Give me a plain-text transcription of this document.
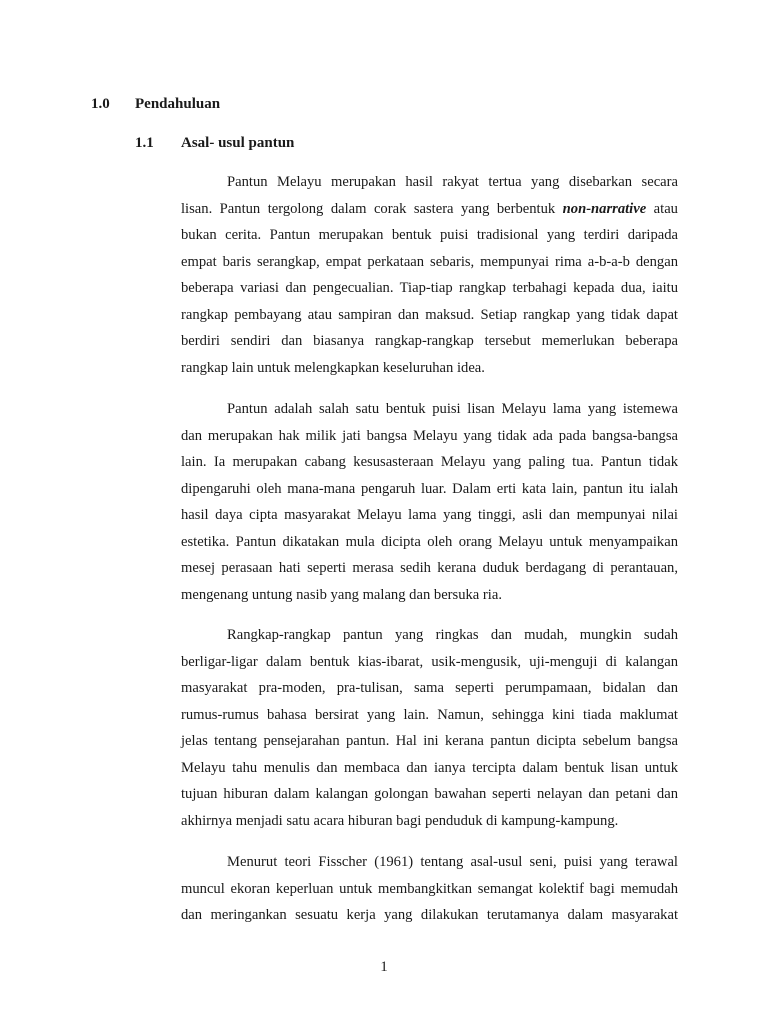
1.0 Pendahuluan
1.1 Asal- usul pantun
Pantun Melayu merupakan hasil rakyat tertua yang disebarkan secara
lisan. Pantun tergolong dalam corak sastera yang berbentuk non-narrative atau
bukan cerita. Pantun merupakan bentuk puisi tradisional yang terdiri daripada
empat baris serangkap, empat perkataan sebaris, mempunyai rima a-b-a-b dengan
beberapa variasi dan pengecualian. Tiap-tiap rangkap terbahagi kepada dua, iaitu
rangkap pembayang atau sampiran dan maksud. Setiap rangkap yang tidak dapat
berdiri sendiri dan biasanya rangkap-rangkap tersebut memerlukan beberapa
rangkap lain untuk melengkapkan keseluruhan idea.
Pantun adalah salah satu bentuk puisi lisan Melayu lama yang istemewa
dan merupakan hak milik jati bangsa Melayu yang tidak ada pada bangsa-bangsa
lain. Ia merupakan cabang kesusasteraan Melayu yang paling tua. Pantun tidak
dipengaruhi oleh mana-mana pengaruh luar. Dalam erti kata lain, pantun itu ialah
hasil daya cipta masyarakat Melayu lama yang tinggi, asli dan mempunyai nilai
estetika. Pantun dikatakan mula dicipta oleh orang Melayu untuk menyampaikan
mesej perasaan hati seperti merasa sedih kerana duduk berdagang di perantauan,
mengenang untung nasib yang malang dan bersuka ria.
Rangkap-rangkap pantun yang ringkas dan mudah, mungkin sudah
berligar-ligar dalam bentuk kias-ibarat, usik-mengusik, uji-menguji di kalangan
masyarakat pra-moden, pra-tulisan, sama seperti perumpamaan, bidalan dan
rumus-rumus bahasa bersirat yang lain. Namun, sehingga kini tiada maklumat
jelas tentang pensejarahan pantun. Hal ini kerana pantun dicipta sebelum bangsa
Melayu tahu menulis dan membaca dan ianya tercipta dalam bentuk lisan untuk
tujuan hiburan dalam kalangan golongan bawahan seperti nelayan dan petani dan
akhirnya menjadi satu acara hiburan bagi penduduk di kampung-kampung.
Menurut teori Fisscher (1961) tentang asal-usul seni, puisi yang terawal
muncul ekoran keperluan untuk membangkitkan semangat kolektif bagi memudah
dan meringankan sesuatu kerja yang dilakukan terutamanya dalam masyarakat
1
